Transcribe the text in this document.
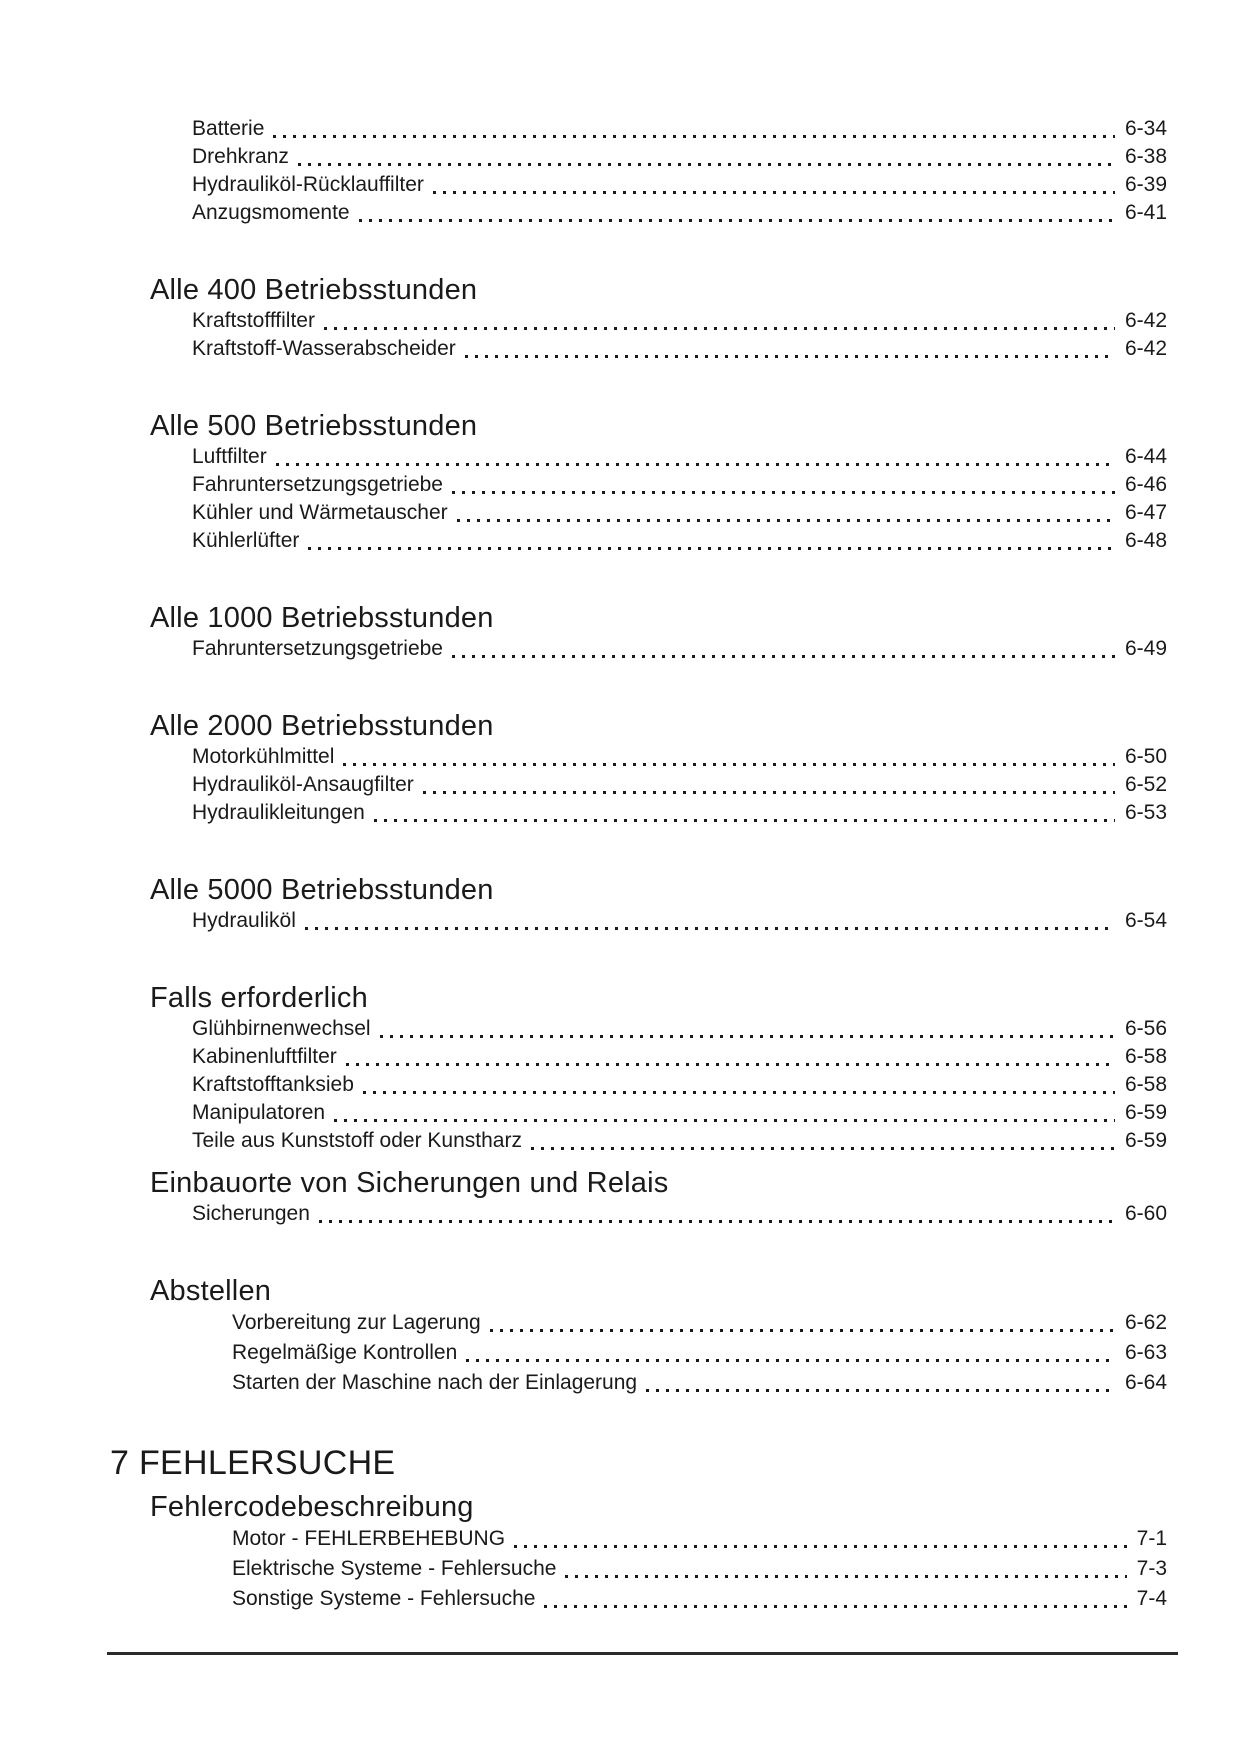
Batterie	6-34
Drehkranz	6-38
Hydrauliköl-Rücklauffilter	6-39
Anzugsmomente	6-41
Alle 400 Betriebsstunden
Kraftstofffilter	6-42
Kraftstoff-Wasserabscheider	6-42
Alle 500 Betriebsstunden
Luftfilter	6-44
Fahruntersetzungsgetriebe	6-46
Kühler und Wärmetauscher	6-47
Kühlerlüfter	6-48
Alle 1000 Betriebsstunden
Fahruntersetzungsgetriebe	6-49
Alle 2000 Betriebsstunden
Motorkühlmittel	6-50
Hydrauliköl-Ansaugfilter	6-52
Hydraulikleitungen	6-53
Alle 5000 Betriebsstunden
Hydrauliköl	6-54
Falls erforderlich
Glühbirnenwechsel	6-56
Kabinenluftfilter	6-58
Kraftstofftanksieb	6-58
Manipulatoren	6-59
Teile aus Kunststoff oder Kunstharz	6-59
Einbauorte von Sicherungen und Relais
Sicherungen	6-60
Abstellen
Vorbereitung zur Lagerung	6-62
Regelmäßige Kontrollen	6-63
Starten der Maschine nach der Einlagerung	6-64
7 FEHLERSUCHE
Fehlercodebeschreibung
Motor - FEHLERBEHEBUNG	7-1
Elektrische Systeme - Fehlersuche	7-3
Sonstige Systeme - Fehlersuche	7-4
